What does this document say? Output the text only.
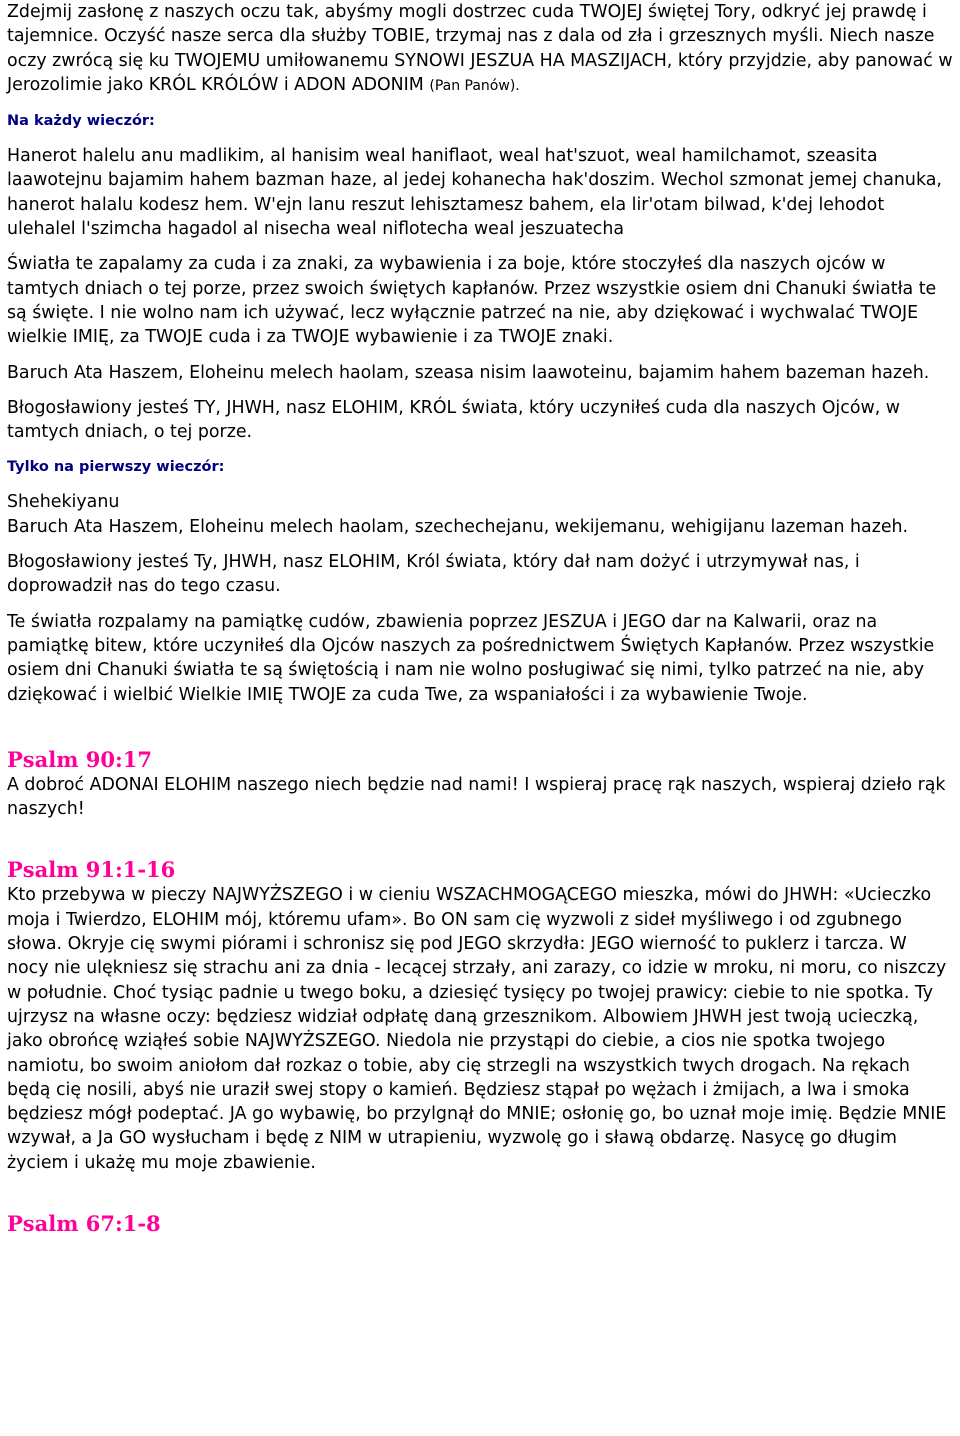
Zdejmij zasłonę z naszych oczu tak, abyśmy mogli dostrzec cuda TWOJEJ świętej Tory, odkryć jej prawdę i tajemnice. Oczyść nasze serca dla służby TOBIE, trzymaj nas z dala od zła i grzesznych myśli. Niech nasze oczy zwrócą się ku TWOJEMU umiłowanemu SYNOWI JESZUA HA MASZIJACH, który przyjdzie, aby panować w Jerozolimie jako KRÓL KRÓLÓW i ADON ADONIM (Pan Panów).

Na każdy wieczór:

Hanerot halelu anu madlikim, al hanisim weal haniflaot, weal hat'szuot, weal hamilchamot, szeasita laawotejnu bajamim hahem bazman haze, al jedej kohanecha hak'doszim. Wechol szmonat jemej chanuka, hanerot halalu kodesz hem. W'ejn lanu reszut lehisztamesz bahem, ela lir'otam bilwad, k'dej lehodot ulehalel l'szimcha hagadol al nisecha weal niflotecha weal jeszuatecha

Światła te zapalamy za cuda i za znaki, za wybawienia i za boje, które stoczyłeś dla naszych ojców w tamtych dniach o tej porze, przez swoich świętych kapłanów. Przez wszystkie osiem dni Chanuki światła te są święte. I nie wolno nam ich używać, lecz wyłącznie patrzeć na nie, aby dziękować i wychwalać TWOJE wielkie IMIĘ, za TWOJE cuda i za TWOJE wybawienie i za TWOJE znaki.

Baruch Ata Haszem, Eloheinu melech haolam, szeasa nisim laawoteinu, bajamim hahem bazeman hazeh.

Błogosławiony jesteś TY, JHWH, nasz ELOHIM, KRÓL świata, który uczyniłeś cuda dla naszych Ojców, w tamtych dniach, o tej porze.

Tylko na pierwszy wieczór:

Shehekiyanu

Baruch Ata Haszem, Eloheinu melech haolam, szechechejanu, wekijemanu, wehigijanu lazeman hazeh.

Błogosławiony jesteś Ty, JHWH, nasz ELOHIM, Król świata, który dał nam dożyć i utrzymywał nas, i doprowadził nas do tego czasu.

Te światła rozpalamy na pamiątkę cudów, zbawienia poprzez JESZUA i JEGO dar na Kalwarii, oraz na pamiątkę bitew, które uczyniłeś dla Ojców naszych za pośrednictwem Świętych Kapłanów. Przez wszystkie osiem dni Chanuki światła te są świętością i nam nie wolno posługiwać się nimi, tylko patrzeć na nie, aby dziękować i wielbić Wielkie IMIĘ TWOJE za cuda Twe, za wspaniałości i za wybawienie Twoje.

Psalm 90:17

A dobroć ADONAI ELOHIM naszego niech będzie nad nami! I wspieraj pracę rąk naszych, wspieraj dzieło rąk naszych!

Psalm 91:1-16

Kto przebywa w pieczy NAJWYŻSZEGO i w cieniu WSZACHMOGĄCEGO mieszka, mówi do JHWH: «Ucieczko moja i Twierdzo, ELOHIM mój, któremu ufam». Bo ON sam cię wyzwoli z sideł myśliwego i od zgubnego słowa. Okryje cię swymi piórami i schronisz się pod JEGO skrzydła: JEGO wierność to puklerz i tarcza. W nocy nie ulękniesz się strachu ani za dnia - lecącej strzały, ani zarazy, co idzie w mroku, ni moru, co niszczy w południe. Choć tysiąc padnie u twego boku, a dziesięć tysięcy po twojej prawicy: ciebie to nie spotka. Ty ujrzysz na własne oczy: będziesz widział odpłatę daną grzesznikom. Albowiem JHWH jest twoją ucieczką, jako obrońcę wziąłeś sobie NAJWYŻSZEGO. Niedola nie przystąpi do ciebie, a cios nie spotka twojego namiotu, bo swoim aniołom dał rozkaz o tobie, aby cię strzegli na wszystkich twych drogach. Na rękach będą cię nosili, abyś nie uraził swej stopy o kamień. Będziesz stąpał po wężach i żmijach, a lwa i smoka będziesz mógł podeptać. JA go wybawię, bo przylgnął do MNIE; osłonię go, bo uznał moje imię. Będzie MNIE wzywał, a Ja GO wysłucham i będę z NIM w utrapieniu, wyzwolę go i sławą obdarzę. Nasycę go długim życiem i ukażę mu moje zbawienie.

Psalm 67:1-8
